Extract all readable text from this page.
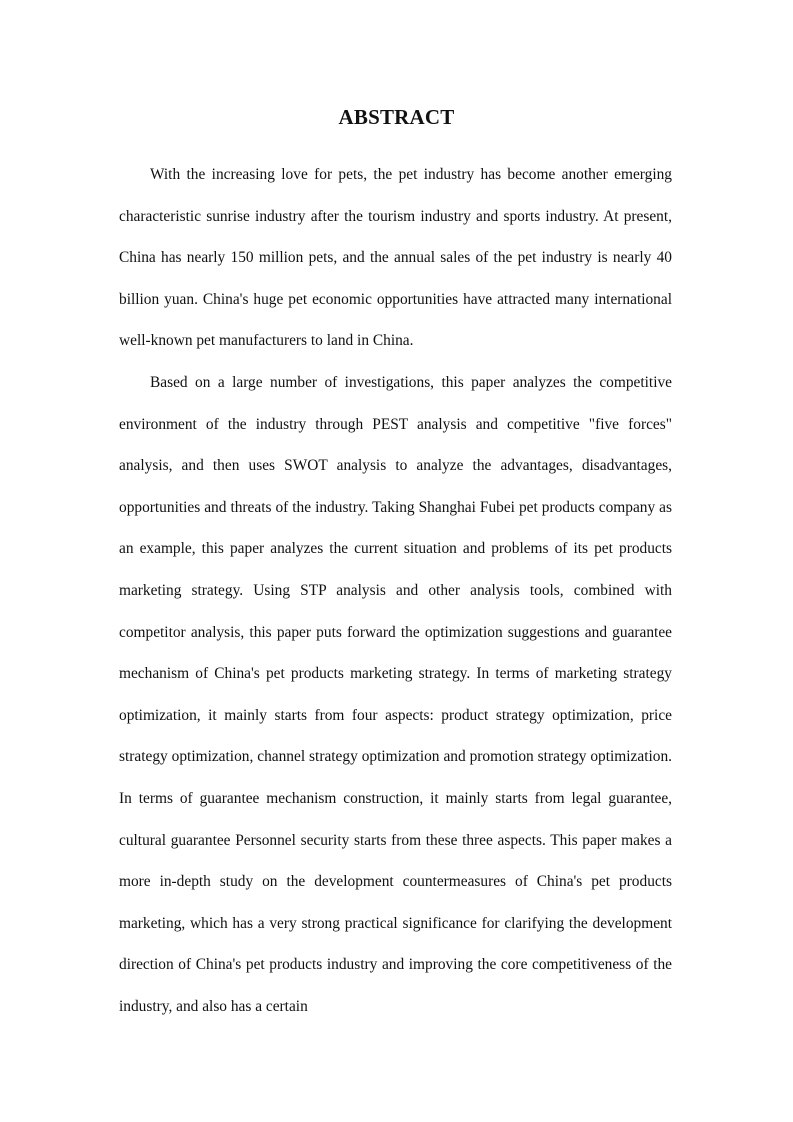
ABSTRACT

With the increasing love for pets, the pet industry has become another emerging characteristic sunrise industry after the tourism industry and sports industry. At present, China has nearly 150 million pets, and the annual sales of the pet industry is nearly 40 billion yuan. China's huge pet economic opportunities have attracted many international well-known pet manufacturers to land in China.

Based on a large number of investigations, this paper analyzes the competitive environment of the industry through PEST analysis and competitive "five forces" analysis, and then uses SWOT analysis to analyze the advantages, disadvantages, opportunities and threats of the industry. Taking Shanghai Fubei pet products company as an example, this paper analyzes the current situation and problems of its pet products marketing strategy. Using STP analysis and other analysis tools, combined with competitor analysis, this paper puts forward the optimization suggestions and guarantee mechanism of China's pet products marketing strategy. In terms of marketing strategy optimization, it mainly starts from four aspects: product strategy optimization, price strategy optimization, channel strategy optimization and promotion strategy optimization. In terms of guarantee mechanism construction, it mainly starts from legal guarantee, cultural guarantee Personnel security starts from these three aspects. This paper makes a more in-depth study on the development countermeasures of China's pet products marketing, which has a very strong practical significance for clarifying the development direction of China's pet products industry and improving the core competitiveness of the industry, and also has a certain
